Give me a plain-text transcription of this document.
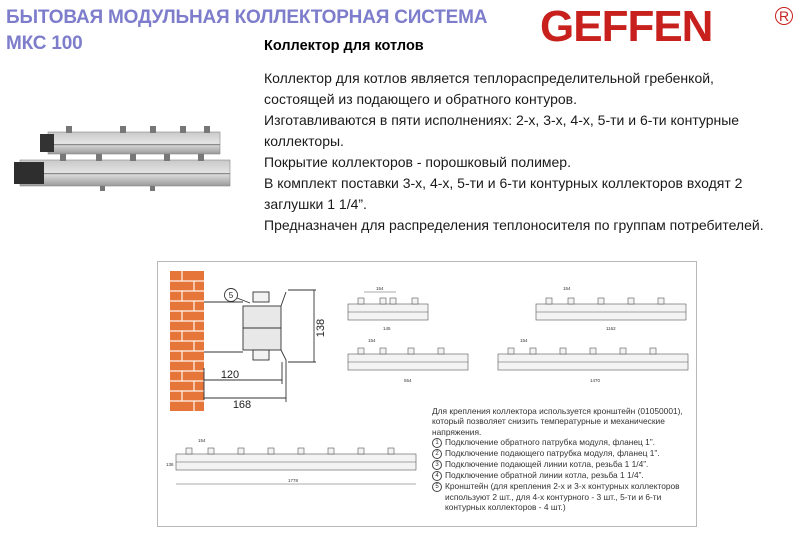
БЫТОВАЯ МОДУЛЬНАЯ КОЛЛЕКТОРНАЯ СИСТЕМА
МКС 100	GEFFEN	R
Коллектор для котлов

Коллектор для котлов является теплораспределительной гребенкой, состоящей из подающего и обратного контуров.

Изготавливаются в пяти исполнениях: 2-х, 3-х, 4-х, 5-ти и 6-ти контурные коллекторы.

Покрытие коллекторов - порошковый полимер.

В комплект поставки 3-х, 4-х, 5-ти и 6-ти контурных коллекторов входят 2 заглушки 1 1/4”.

Предназначен для распределения теплоносителя по группам потребителей.

5
138
120
168
154
145
154
1162
154
554
154
1470
154
1778
136

Для крепления коллектора используется кронштейн (01050001), который позволяет снизить температурные и механические напряжения.

1 Подключение обратного патрубка модуля, фланец 1”.
2 Подключение подающего патрубка модуля, фланец 1”.
3 Подключение подающей линии котла, резьба 1 1/4”.
4 Подключение обратной линии котла, резьба 1 1/4”.
5 Кронштейн (для крепления 2-х и 3-х контурных коллекторов используют 2 шт., для 4-х контурного - 3 шт., 5-ти и 6-ти контурных коллекторов - 4 шт.)
